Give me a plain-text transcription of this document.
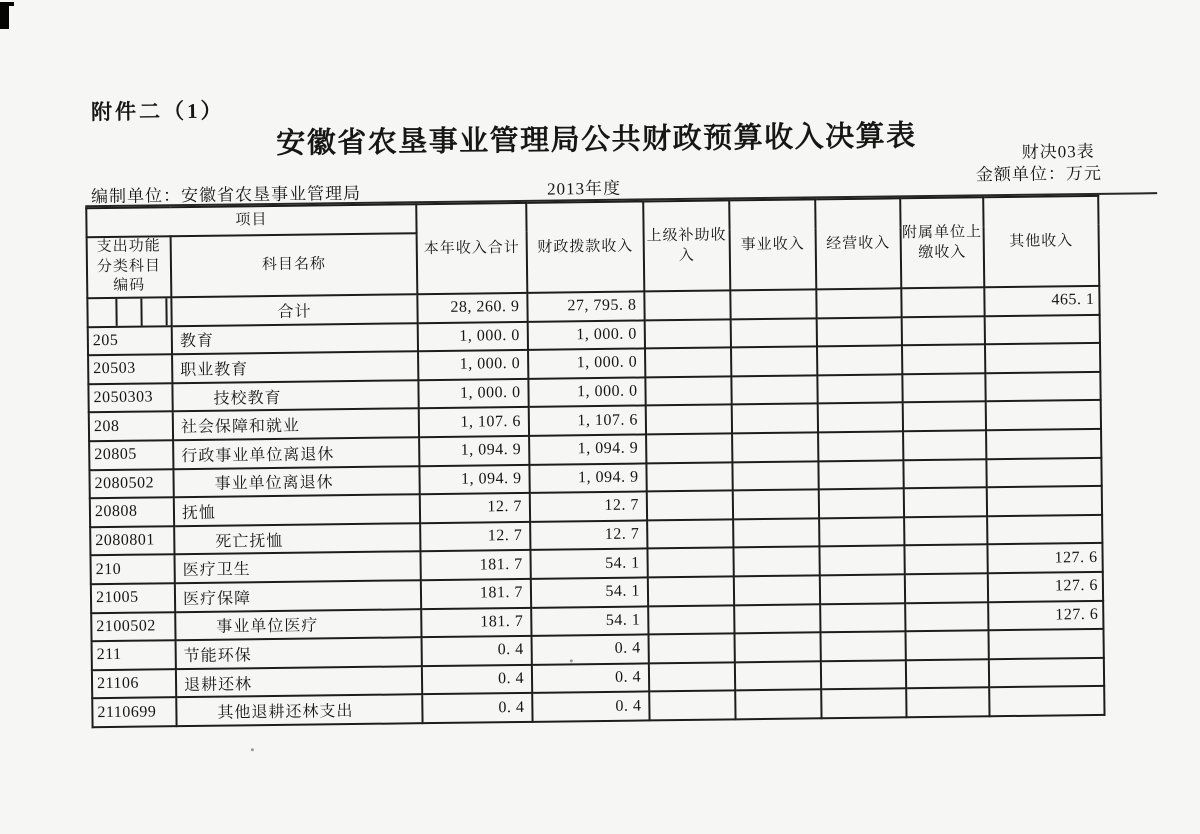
附件二（1）
安徽省农垦事业管理局公共财政预算收入决算表	财决03表
金额单位：万元
编制单位：安徽省农垦事业管理局	2013年度
项目		本年收入合计	财政拨款收入	上级补助收入	事业收入	经营收入	附属单位上缴收入	其他收入

支出功能
分类科目
编码	科目名称							

	合计	28, 260. 9	27, 795. 8					465. 1
205	教育	1, 000. 0	1, 000. 0					
20503	职业教育	1, 000. 0	1, 000. 0					
2050303	技校教育	1, 000. 0	1, 000. 0					
208	社会保障和就业	1, 107. 6	1, 107. 6					
20805	行政事业单位离退休	1, 094. 9	1, 094. 9					
2080502	事业单位离退休	1, 094. 9	1, 094. 9					
20808	抚恤	12. 7	12. 7					
2080801	死亡抚恤	12. 7	12. 7					
210	医疗卫生	181. 7	54. 1					127. 6
21005	医疗保障	181. 7	54. 1					127. 6
2100502	事业单位医疗	181. 7	54. 1					127. 6
211	节能环保	0. 4	0. 4					
21106	退耕还林	0. 4	0. 4					
2110699	其他退耕还林支出	0. 4	0. 4					
